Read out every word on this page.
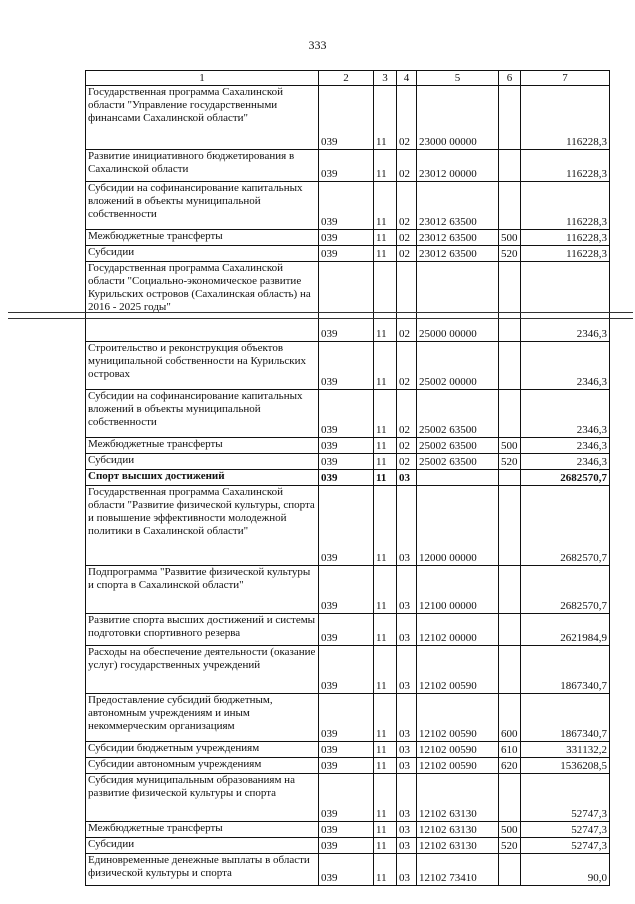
333
1	2	3	4	5	6	7
Государственная программа Сахалинской области "Управление государственными финансами Сахалинской области"	039	11	02	23000 00000		116228,3
Развитие инициативного бюджетирования в Сахалинской области	039	11	02	23012 00000		116228,3
Субсидии на софинансирование капитальных вложений в объекты муниципальной собственности	039	11	02	23012 63500		116228,3
Межбюджетные трансферты	039	11	02	23012 63500	500	116228,3
Субсидии	039	11	02	23012 63500	520	116228,3
Государственная программа Сахалинской области "Социально-экономическое развитие Курильских островов (Сахалинская область) на 2016 - 2025 годы"	039	11	02	25000 00000		2346,3
Строительство и реконструкция объектов муниципальной собственности на Курильских островах	039	11	02	25002 00000		2346,3
Субсидии на софинансирование капитальных вложений в объекты муниципальной собственности	039	11	02	25002 63500		2346,3
Межбюджетные трансферты	039	11	02	25002 63500	500	2346,3
Субсидии	039	11	02	25002 63500	520	2346,3
Спорт высших достижений	039	11	03			2682570,7
Государственная программа Сахалинской области "Развитие физической культуры, спорта и повышение эффективности молодежной политики в Сахалинской области"	039	11	03	12000 00000		2682570,7
Подпрограмма "Развитие физической культуры и спорта в Сахалинской области"	039	11	03	12100 00000		2682570,7
Развитие спорта высших достижений и системы подготовки спортивного резерва	039	11	03	12102 00000		2621984,9
Расходы на обеспечение деятельности (оказание услуг) государственных учреждений	039	11	03	12102 00590		1867340,7
Предоставление субсидий бюджетным, автономным учреждениям и иным некоммерческим организациям	039	11	03	12102 00590	600	1867340,7
Субсидии бюджетным учреждениям	039	11	03	12102 00590	610	331132,2
Субсидии автономным учреждениям	039	11	03	12102 00590	620	1536208,5
Субсидия муниципальным образованиям на развитие физической культуры и спорта	039	11	03	12102 63130		52747,3
Межбюджетные трансферты	039	11	03	12102 63130	500	52747,3
Субсидии	039	11	03	12102 63130	520	52747,3
Единовременные денежные выплаты в области физической культуры и спорта	039	11	03	12102 73410		90,0
